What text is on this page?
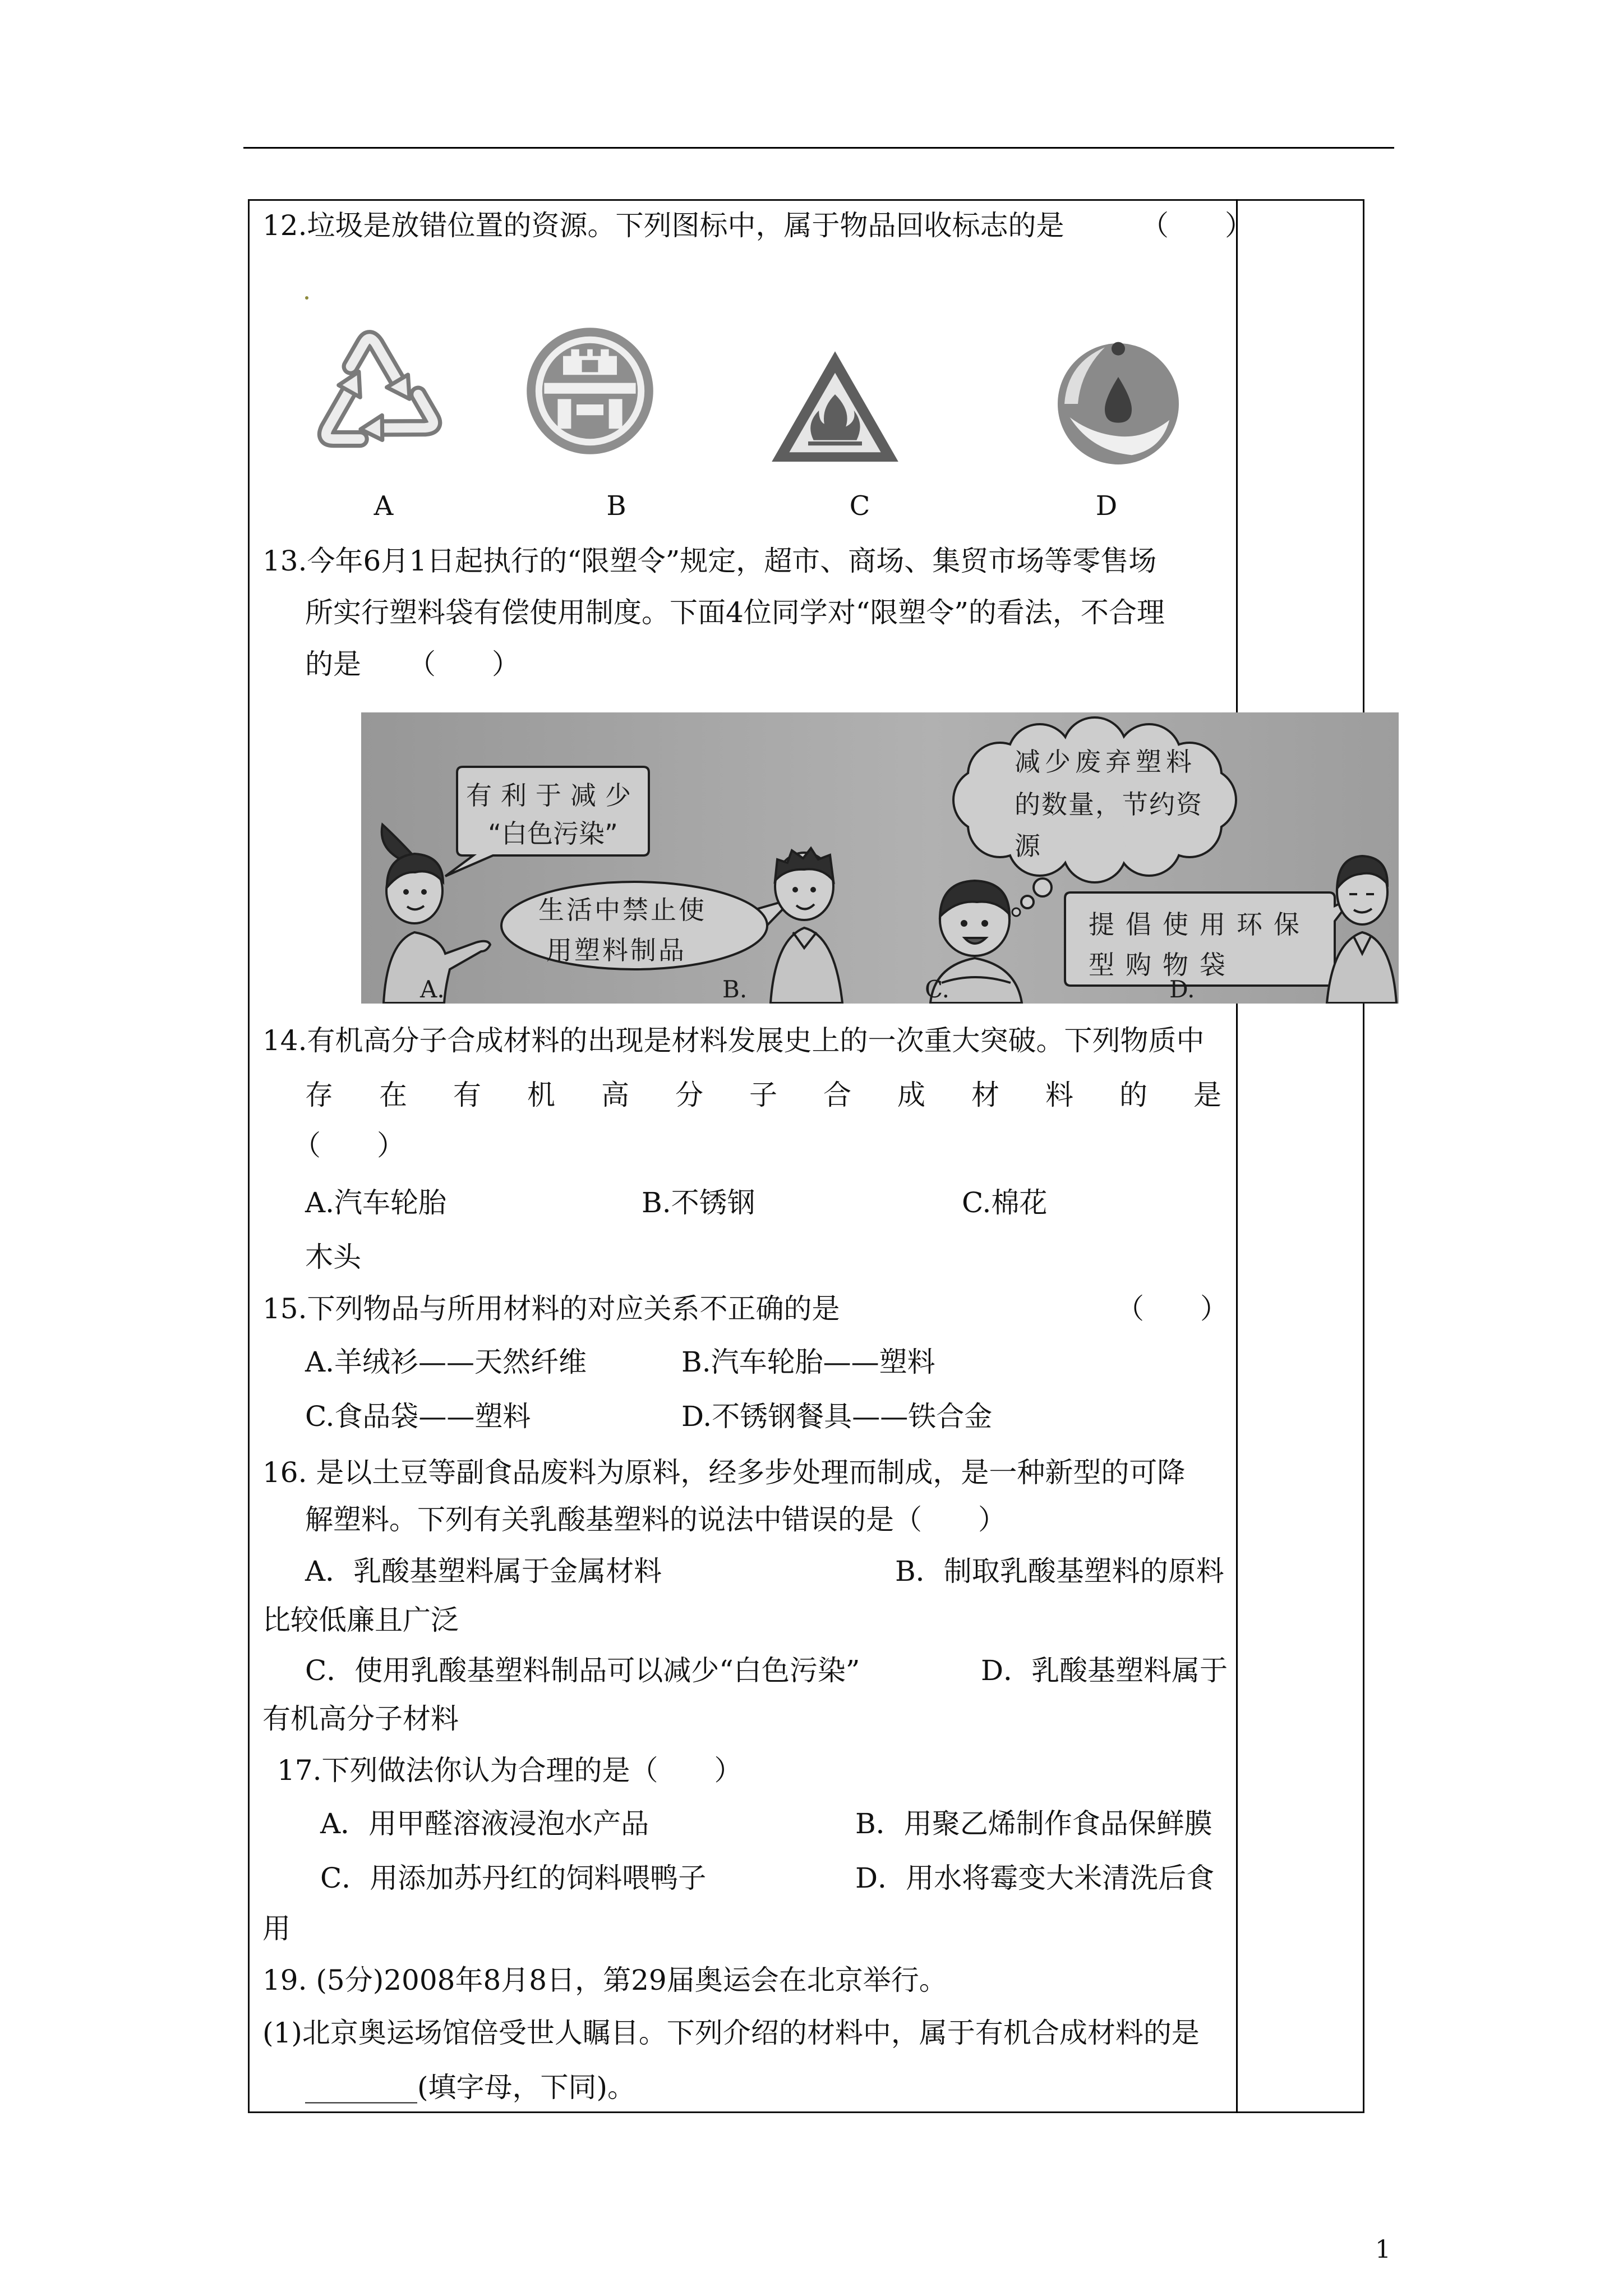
12.垃圾是放错位置的资源。下列图标中，属于物品回收标志的是	（　　）
A	B	C	D
13.今年6月1日起执行的“限塑令”规定，超市、商场、集贸市场等零售场
所实行塑料袋有偿使用制度。下面4位同学对“限塑令”的看法，不合理
的是 （　　）
有利于减少
“白色污染”
生活中禁止使
用塑料制品
减少废弃塑料
的数量，节约资
源
提倡使用环保
型购物袋
A.	B.	C.	D.
14.有机高分子合成材料的出现是材料发展史上的一次重大突破。下列物质中
存 在 有 机 高 分 子 合 成 材 料 的 是
（　　）
A.汽车轮胎	B.不锈钢	C.棉花
木头
15.下列物品与所用材料的对应关系不正确的是	（　　）
A.羊绒衫——天然纤维	B.汽车轮胎——塑料
C.食品袋——塑料	D.不锈钢餐具——铁合金
16. 是以土豆等副食品废料为原料，经多步处理而制成，是一种新型的可降
解塑料。下列有关乳酸基塑料的说法中错误的是（　　）
A．乳酸基塑料属于金属材料	B．制取乳酸基塑料的原料
比较低廉且广泛
C．使用乳酸基塑料制品可以减少“白色污染”	D．乳酸基塑料属于
有机高分子材料
17.下列做法你认为合理的是（　　）
A．用甲醛溶液浸泡水产品	B．用聚乙烯制作食品保鲜膜
C．用添加苏丹红的饲料喂鸭子	D．用水将霉变大米清洗后食
用
19. (5分)2008年8月8日，第29届奥运会在北京举行。
(1)北京奥运场馆倍受世人瞩目。下列介绍的材料中，属于有机合成材料的是
________(填字母，下同)。
1
